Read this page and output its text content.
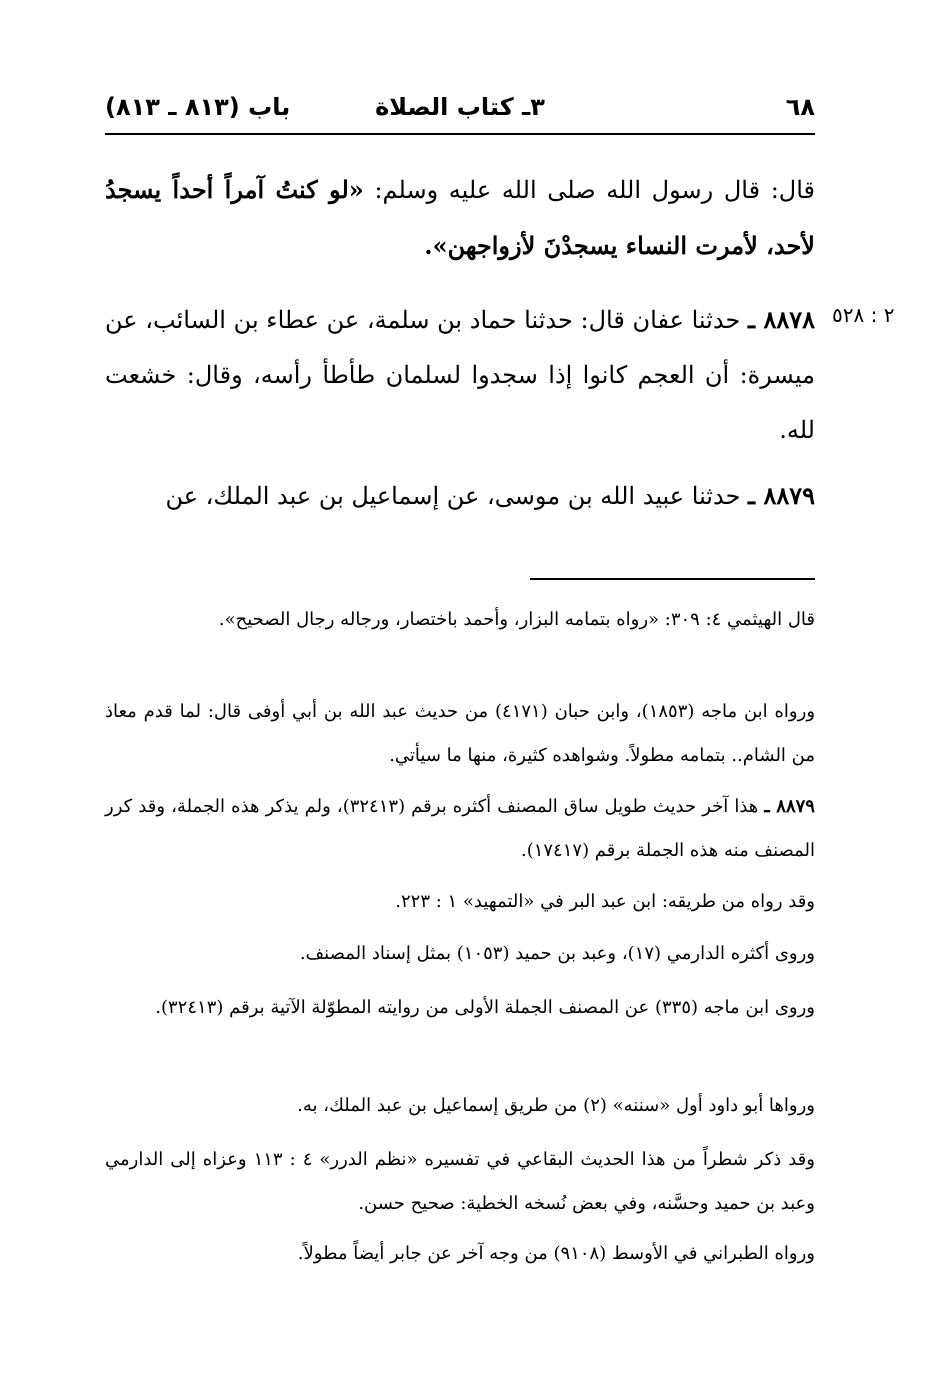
٦٨
٣ـ كتاب الصلاة
باب (٨١٣ ـ ٨١٣)
قال: قال رسول الله صلى الله عليه وسلم: «لو كنتُ آمراً أحداً يسجدُ لأحد، لأمرت النساء يسجدْنَ لأزواجهن».
٢ : ٥٢٨
٨٨٧٨ ـ حدثنا عفان قال: حدثنا حماد بن سلمة، عن عطاء بن السائب، عن ميسرة: أن العجم كانوا إذا سجدوا لسلمان طأطأ رأسه، وقال: خشعت لله.
٨٨٧٩ ـ حدثنا عبيد الله بن موسى، عن إسماعيل بن عبد الملك، عن
قال الهيثمي ٤: ٣٠٩: «رواه بتمامه البزار، وأحمد باختصار، ورجاله رجال الصحيح».
ورواه ابن ماجه (١٨٥٣)، وابن حبان (٤١٧١) من حديث عبد الله بن أبي أوفى قال: لما قدم معاذ من الشام.. بتمامه مطولاً. وشواهده كثيرة، منها ما سيأتي.
٨٨٧٩ ـ هذا آخر حديث طويل ساق المصنف أكثره برقم (٣٢٤١٣)، ولم يذكر هذه الجملة، وقد كرر المصنف منه هذه الجملة برقم (١٧٤١٧).
وقد رواه من طريقه: ابن عبد البر في «التمهيد» ١ : ٢٢٣.
وروى أكثره الدارمي (١٧)، وعبد بن حميد (١٠٥٣) بمثل إسناد المصنف.
وروى ابن ماجه (٣٣٥) عن المصنف الجملة الأولى من روايته المطوّلة الآتية برقم (٣٢٤١٣).
ورواها أبو داود أول «سننه» (٢) من طريق إسماعيل بن عبد الملك، به.
وقد ذكر شطراً من هذا الحديث البقاعي في تفسيره «نظم الدرر» ٤ : ١١٣ وعزاه إلى الدارمي وعبد بن حميد وحسَّنه، وفي بعض نُسخه الخطية: صحيح حسن.
ورواه الطبراني في الأوسط (٩١٠٨) من وجه آخر عن جابر أيضاً مطولاً.
